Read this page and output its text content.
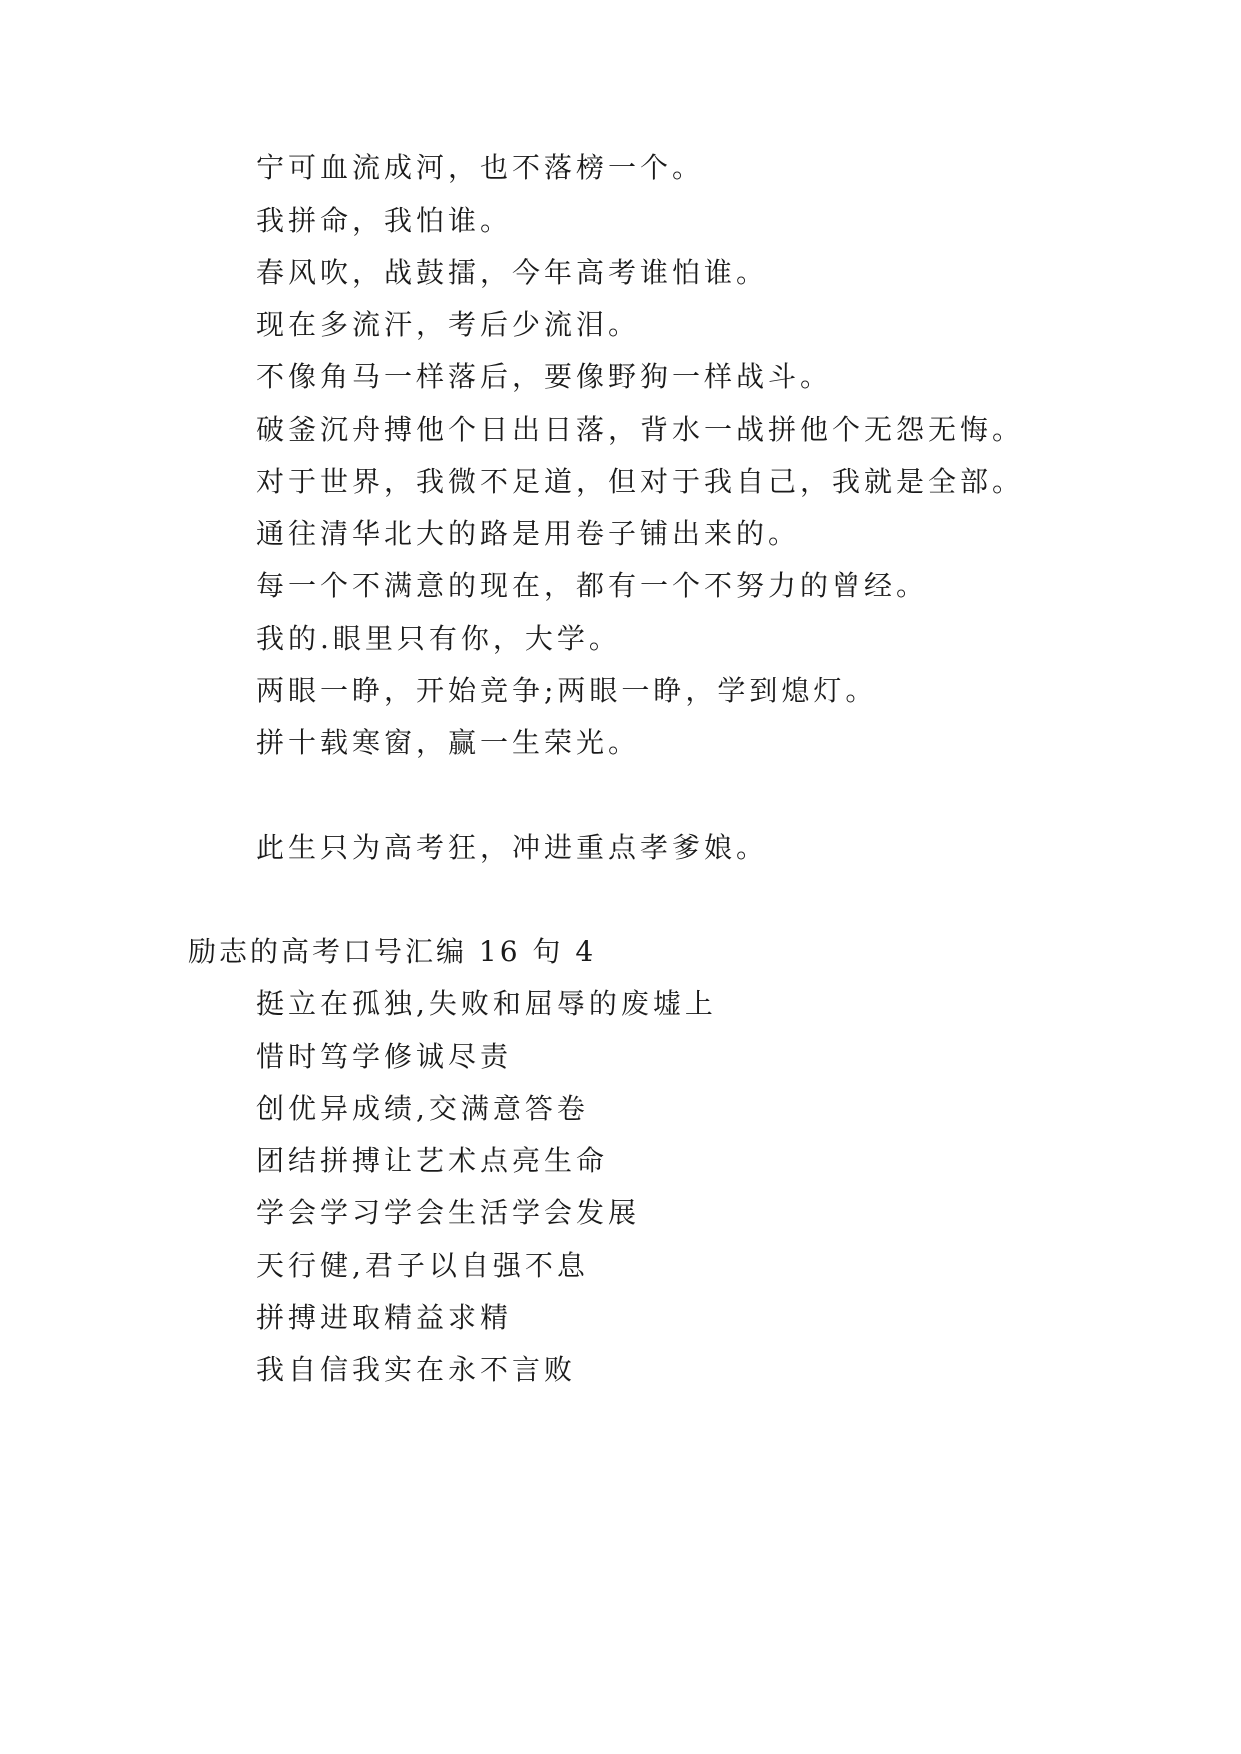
宁可血流成河，也不落榜一个。
我拼命，我怕谁。
春风吹，战鼓擂，今年高考谁怕谁。
现在多流汗，考后少流泪。
不像角马一样落后，要像野狗一样战斗。
破釜沉舟搏他个日出日落，背水一战拼他个无怨无悔。
对于世界，我微不足道，但对于我自己，我就是全部。
通往清华北大的路是用卷子铺出来的。
每一个不满意的现在，都有一个不努力的曾经。
我的.眼里只有你，大学。
两眼一睁，开始竞争;两眼一睁，学到熄灯。
拼十载寒窗，赢一生荣光。
此生只为高考狂，冲进重点孝爹娘。
励志的高考口号汇编 16 句 4
挺立在孤独,失败和屈辱的废墟上
惜时笃学修诚尽责
创优异成绩,交满意答卷
团结拼搏让艺术点亮生命
学会学习学会生活学会发展
天行健,君子以自强不息
拼搏进取精益求精
我自信我实在永不言败
